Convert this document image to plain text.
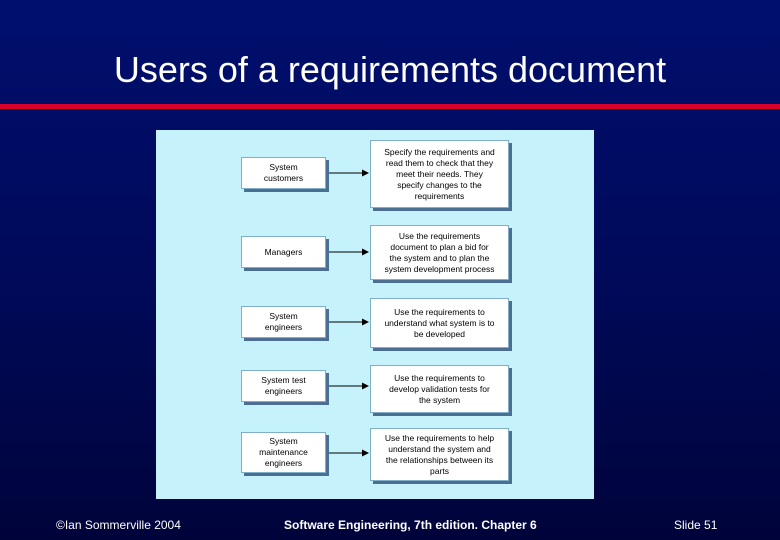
Users of a requirements document
System
customers
Specify the requirements and
read them to check that they
meet their needs. They
specify changes to the
requirements
Managers
Use the requirements
document to plan a bid for
the system and to plan the
system development process
System
engineers
Use the requirements to
understand what system is to
be developed
System test
engineers
Use the requirements to
develop validation tests for
the system
System
maintenance
engineers
Use the requirements to help
understand the system and
the relationships between its
parts
©Ian Sommerville 2004	Software Engineering, 7th edition. Chapter 6	Slide 51
